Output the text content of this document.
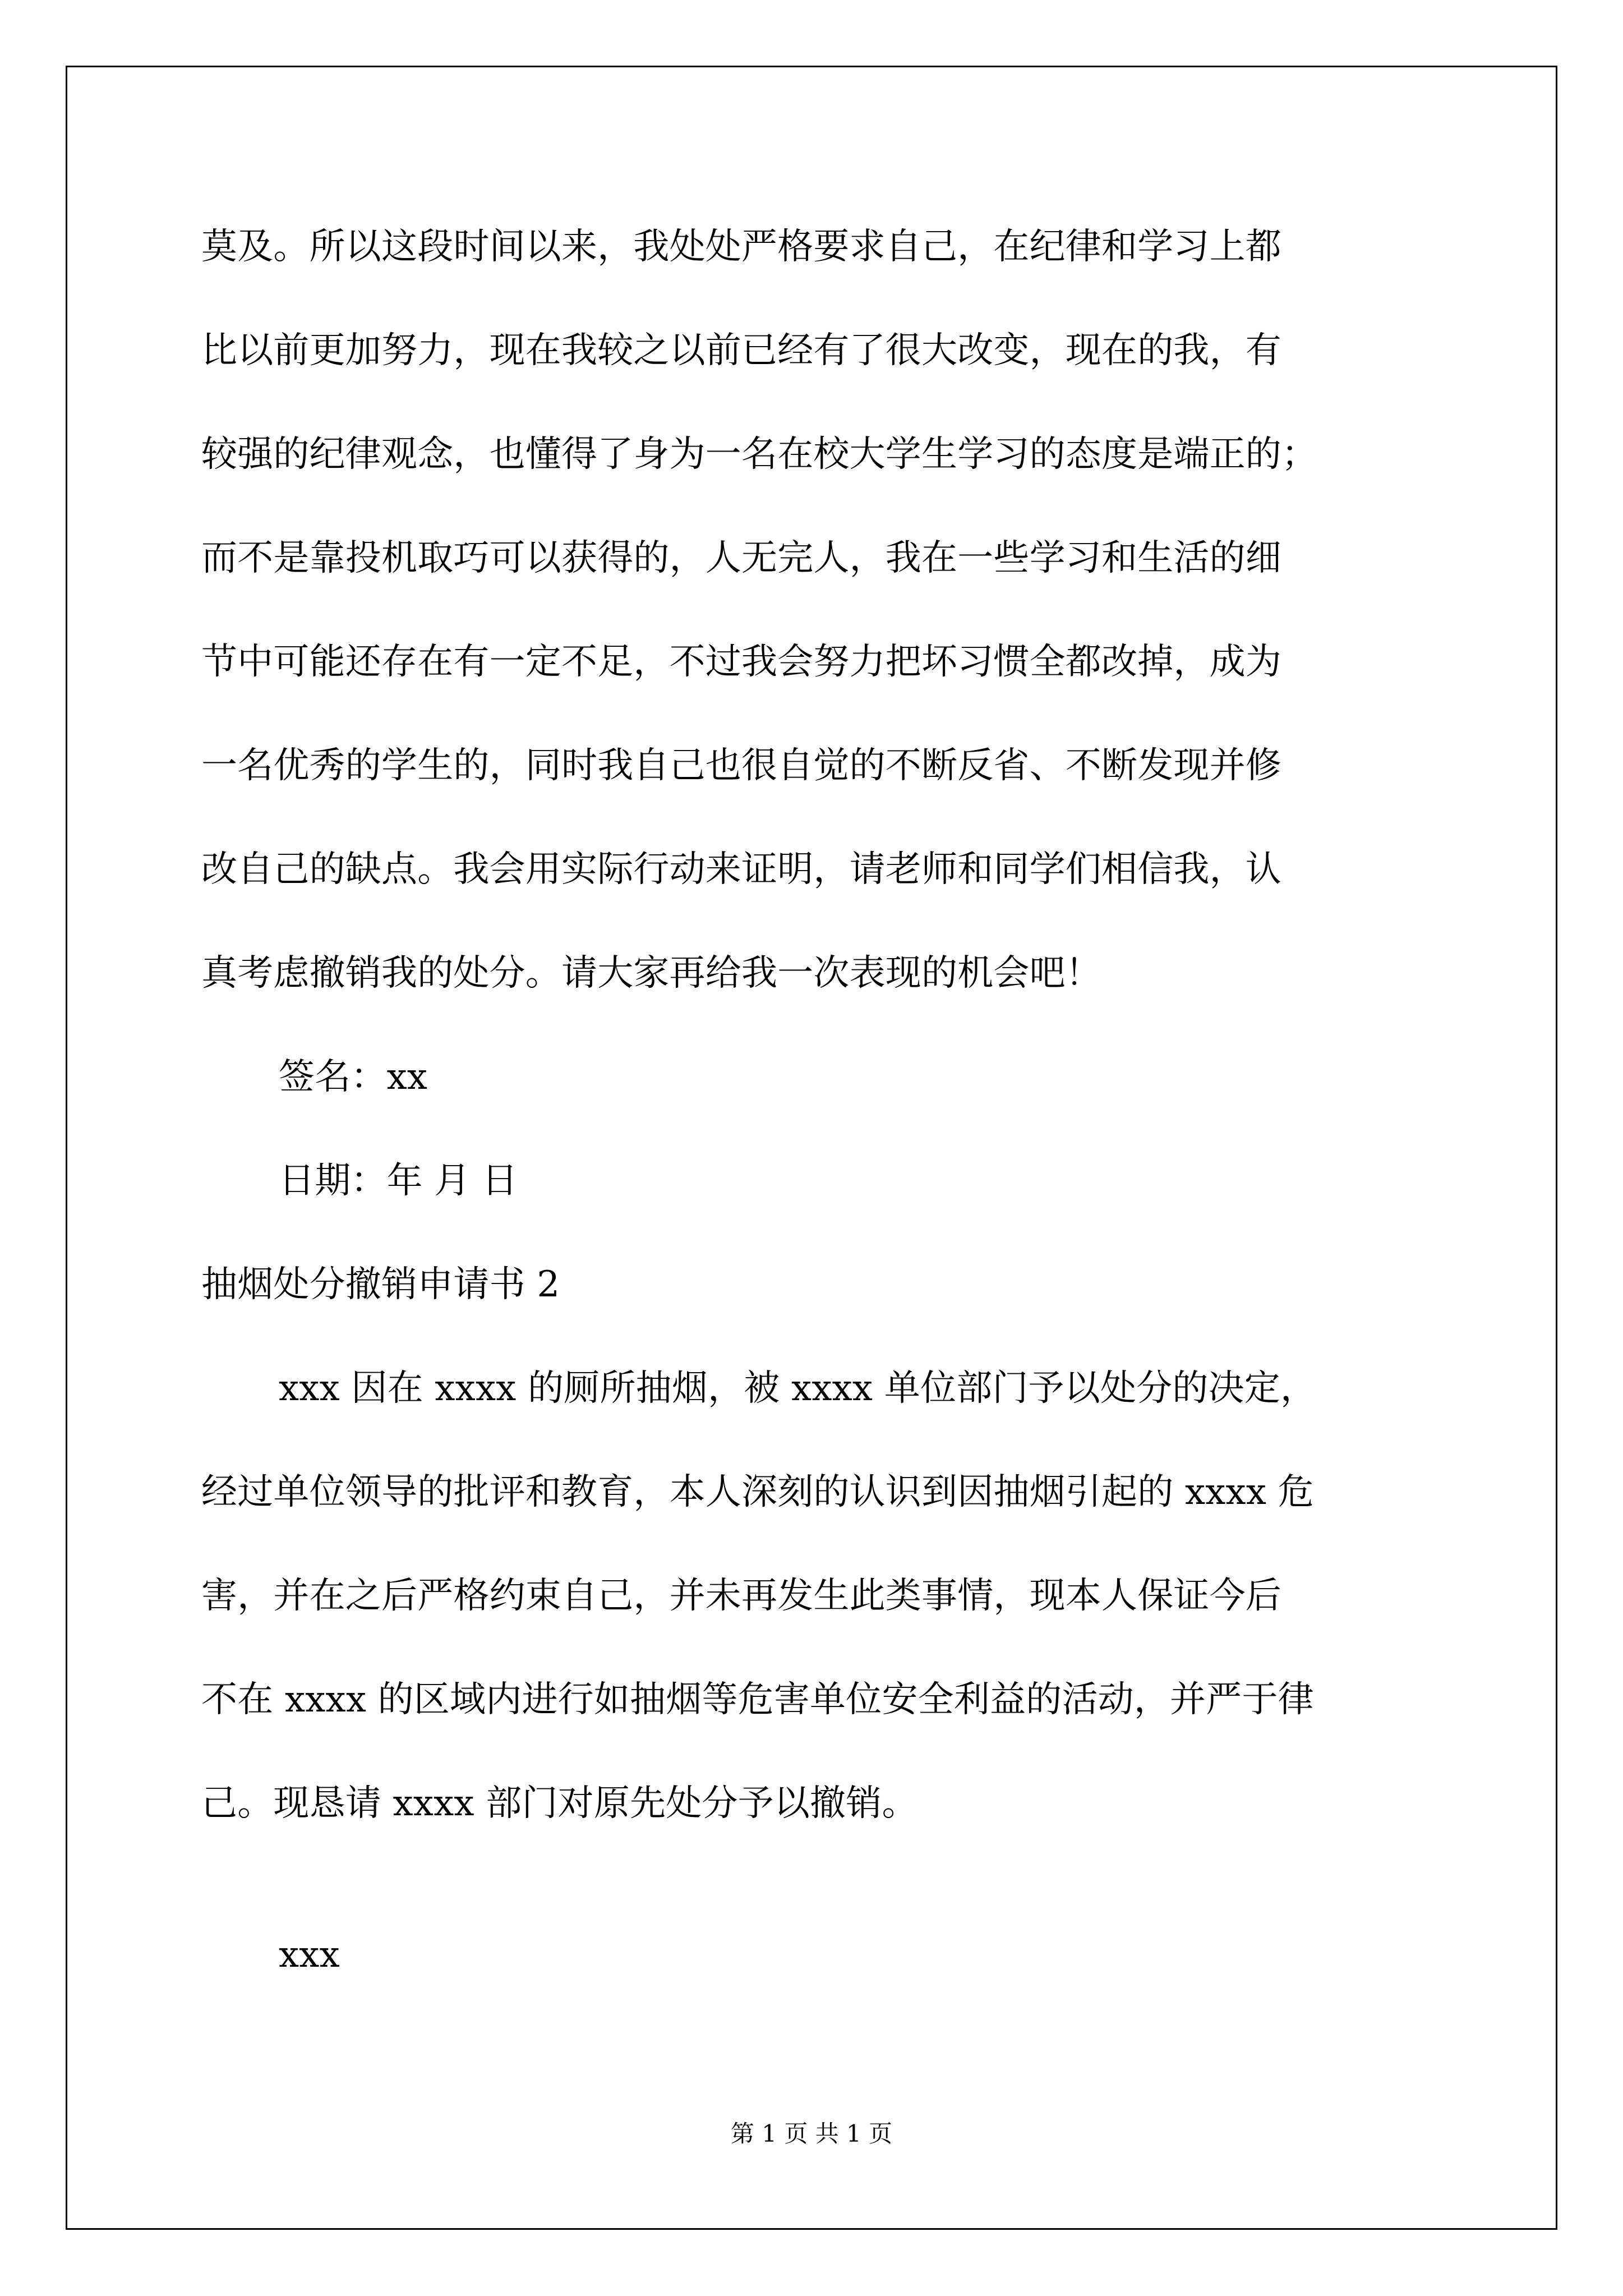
莫及。所以这段时间以来，我处处严格要求自己，在纪律和学习上都
比以前更加努力，现在我较之以前已经有了很大改变，现在的我，有
较强的纪律观念，也懂得了身为一名在校大学生学习的态度是端正的；
而不是靠投机取巧可以获得的，人无完人，我在一些学习和生活的细
节中可能还存在有一定不足，不过我会努力把坏习惯全都改掉，成为
一名优秀的学生的，同时我自己也很自觉的不断反省、不断发现并修
改自己的缺点。我会用实际行动来证明，请老师和同学们相信我，认
真考虑撤销我的处分。请大家再给我一次表现的机会吧！
签名：xx
日期：年 月 日
抽烟处分撤销申请书 2
xxx 因在 xxxx 的厕所抽烟，被 xxxx 单位部门予以处分的决定，
经过单位领导的批评和教育，本人深刻的认识到因抽烟引起的 xxxx 危
害，并在之后严格约束自己，并未再发生此类事情，现本人保证今后
不在 xxxx 的区域内进行如抽烟等危害单位安全利益的活动，并严于律
己。现恳请 xxxx 部门对原先处分予以撤销。
xxx
第 1 页 共 1 页
